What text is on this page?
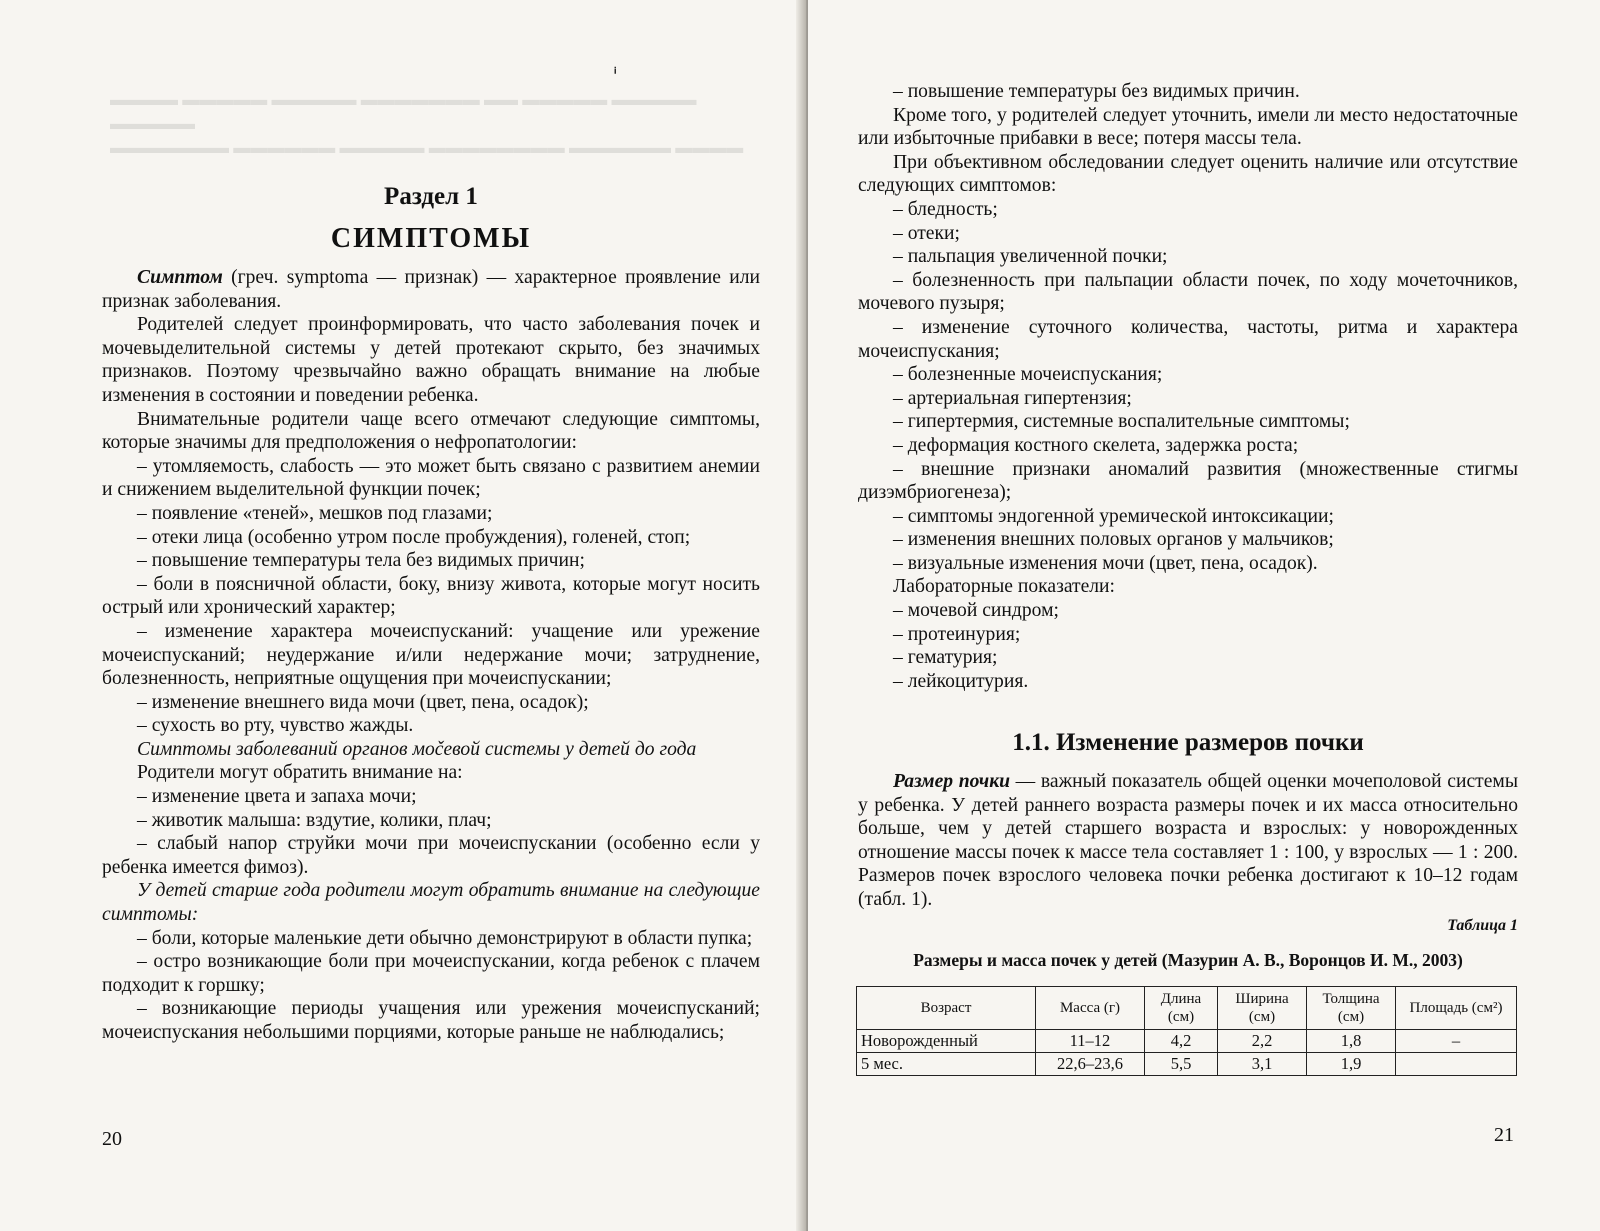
▬▬▬▬ ▬▬▬▬▬ ▬▬▬▬▬ ▬▬▬▬▬▬▬ ▬▬ ▬▬▬▬▬ ▬▬▬▬▬ ▬▬▬▬▬
▬▬▬▬▬▬▬ ▬▬▬▬▬▬ ▬▬▬▬▬ ▬▬▬▬▬▬▬▬ ▬▬▬▬▬▬ ▬▬▬▬
ⁱ
Раздел 1
СИМПТОМЫ

Симптом (греч. symptoma — признак) — характерное проявление или признак заболевания.

Родителей следует проинформировать, что часто заболевания почек и мочевыделительной системы у детей протекают скрыто, без значимых признаков. Поэтому чрезвычайно важно обращать внимание на любые изменения в состоянии и поведении ребенка.

Внимательные родители чаще всего отмечают следующие симптомы, которые значимы для предположения о нефропатологии:

– утомляемость, слабость — это может быть связано с развитием анемии и снижением выделительной функции почек;

– появление «теней», мешков под глазами;

– отеки лица (особенно утром после пробуждения), голеней, стоп;

– повышение температуры тела без видимых причин;

– боли в поясничной области, боку, внизу живота, которые могут носить острый или хронический характер;

– изменение характера мочеиспусканий: учащение или урежение мочеиспусканий; неудержание и/или недержание мочи; затруднение, болезненность, неприятные ощущения при мочеиспускании;

– изменение внешнего вида мочи (цвет, пена, осадок);

– сухость во рту, чувство жажды.

Симптомы заболеваний органов моčевой системы у детей до года

Родители могут обратить внимание на:

– изменение цвета и запаха мочи;

– животик малыша: вздутие, колики, плач;

– слабый напор струйки мочи при мочеиспускании (особенно если у ребенка имеется фимоз).

У детей старше года родители могут обратить внимание на следующие симптомы:

– боли, которые маленькие дети обычно демонстрируют в области пупка;

– остро возникающие боли при мочеиспускании, когда ребенок с плачем подходит к горшку;

– возникающие периоды учащения или урежения мочеиспусканий; мочеиспускания небольшими порциями, которые раньше не наблюдались;

20

– повышение температуры без видимых причин.

Кроме того, у родителей следует уточнить, имели ли место недостаточные или избыточные прибавки в весе; потеря массы тела.

При объективном обследовании следует оценить наличие или отсутствие следующих симптомов:

– бледность;

– отеки;

– пальпация увеличенной почки;

– болезненность при пальпации области почек, по ходу мочеточников, мочевого пузыря;

– изменение суточного количества, частоты, ритма и характера мочеиспускания;

– болезненные мочеиспускания;

– артериальная гипертензия;

– гипертермия, системные воспалительные симптомы;

– деформация костного скелета, задержка роста;

– внешние признаки аномалий развития (множественные стигмы дизэмбриогенеза);

– симптомы эндогенной уремической интоксикации;

– изменения внешних половых органов у мальчиков;

– визуальные изменения мочи (цвет, пена, осадок).

Лабораторные показатели:

– мочевой синдром;

– протеинурия;

– гематурия;

– лейкоцитурия.

1.1. Изменение размеров почки

Размер почки — важный показатель общей оценки мочеполовой системы у ребенка. У детей раннего возраста размеры почек и их масса относительно больше, чем у детей старшего возраста и взрослых: у новорожденных отношение массы почек к массе тела составляет 1 : 100, у взрослых — 1 : 200. Размеров почек взрослого человека почки ребенка достигают к 10–12 годам (табл. 1).

Таблица 1
Размеры и масса почек у детей (Мазурин А. В., Воронцов И. М., 2003)
Возраст	Масса (г)	Длина (см)	Ширина (см)	Толщина (см)	Площадь (см²)
Новорожденный	11–12	4,2	2,2	1,8	–
5 мес.	22,6–23,6	5,5	3,1	1,9	
21
